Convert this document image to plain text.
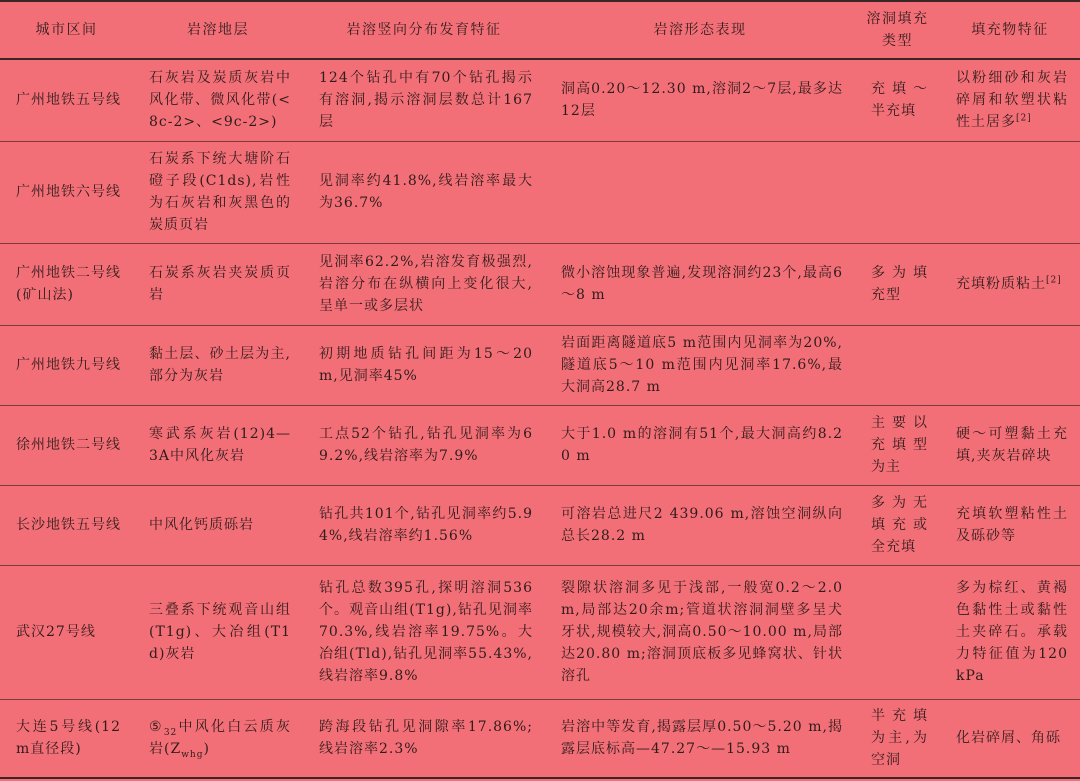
城市区间	岩溶地层	岩溶竖向分布发育特征	岩溶形态表现	溶洞填充类型	填充物特征
广州地铁五号线	石灰岩及炭质灰岩中风化带、微风化带(<8c-2>、<9c-2>)	124个钻孔中有70个钻孔揭示有溶洞,揭示溶洞层数总计167层	洞高0.20～12.30 m,溶洞2～7层,最多达12层	充填～半充填	以粉细砂和灰岩碎屑和软塑状粘性土居多[2]
广州地铁六号线	石炭系下统大塘阶石磴子段(C1ds),岩性为石灰岩和灰黑色的炭质页岩	见洞率约41.8%,线岩溶率最大为36.7%			
广州地铁二号线(矿山法)	石炭系灰岩夹炭质页岩	见洞率62.2%,岩溶发育极强烈,岩溶分布在纵横向上变化很大,呈单一或多层状	微小溶蚀现象普遍,发现溶洞约23个,最高6～8 m	多为填充型	充填粉质粘土[2]
广州地铁九号线	黏土层、砂土层为主,部分为灰岩	初期地质钻孔间距为15～20 m,见洞率45%	岩面距离隧道底5 m范围内见洞率为20%,隧道底5～10 m范围内见洞率17.6%,最大洞高28.7 m		
徐州地铁二号线	寒武系灰岩(12)4—3A中风化灰岩	工点52个钻孔,钻孔见洞率为69.2%,线岩溶率为7.9%	大于1.0 m的溶洞有51个,最大洞高约8.20 m	主要以充填型为主	硬～可塑黏土充填,夹灰岩碎块
长沙地铁五号线	中风化钙质砾岩	钻孔共101个,钻孔见洞率约5.94%,线岩溶率约1.56%	可溶岩总进尺2 439.06 m,溶蚀空洞纵向总长28.2 m	多为无填充或全充填	充填软塑粘性土及砾砂等
武汉27号线	三叠系下统观音山组(T1g)、大冶组(T1d)灰岩	钻孔总数395孔,探明溶洞536个。观音山组(T1g),钻孔见洞率70.3%,线岩溶率19.75%。大冶组(Tld),钻孔见洞率55.43%,线岩溶率9.8%	裂隙状溶洞多见于浅部,一般宽0.2～2.0 m,局部达20余m;管道状溶洞洞壁多呈犬牙状,规模较大,洞高0.50～10.00 m,局部达20.80 m;溶洞顶底板多见蜂窝状、针状溶孔		多为棕红、黄褐色黏性土或黏性土夹碎石。承载力特征值为120 kPa
大连5号线(12 m直径段)	$⑤_{32}$中风化白云质灰岩$(Z_{whg})$	跨海段钻孔见洞隙率17.86%;线岩溶率2.3%	岩溶中等发育,揭露层厚0.50～5.20 m,揭露层底标高—47.27～—15.93 m	半充填为主,为空洞	化岩碎屑、角砾
